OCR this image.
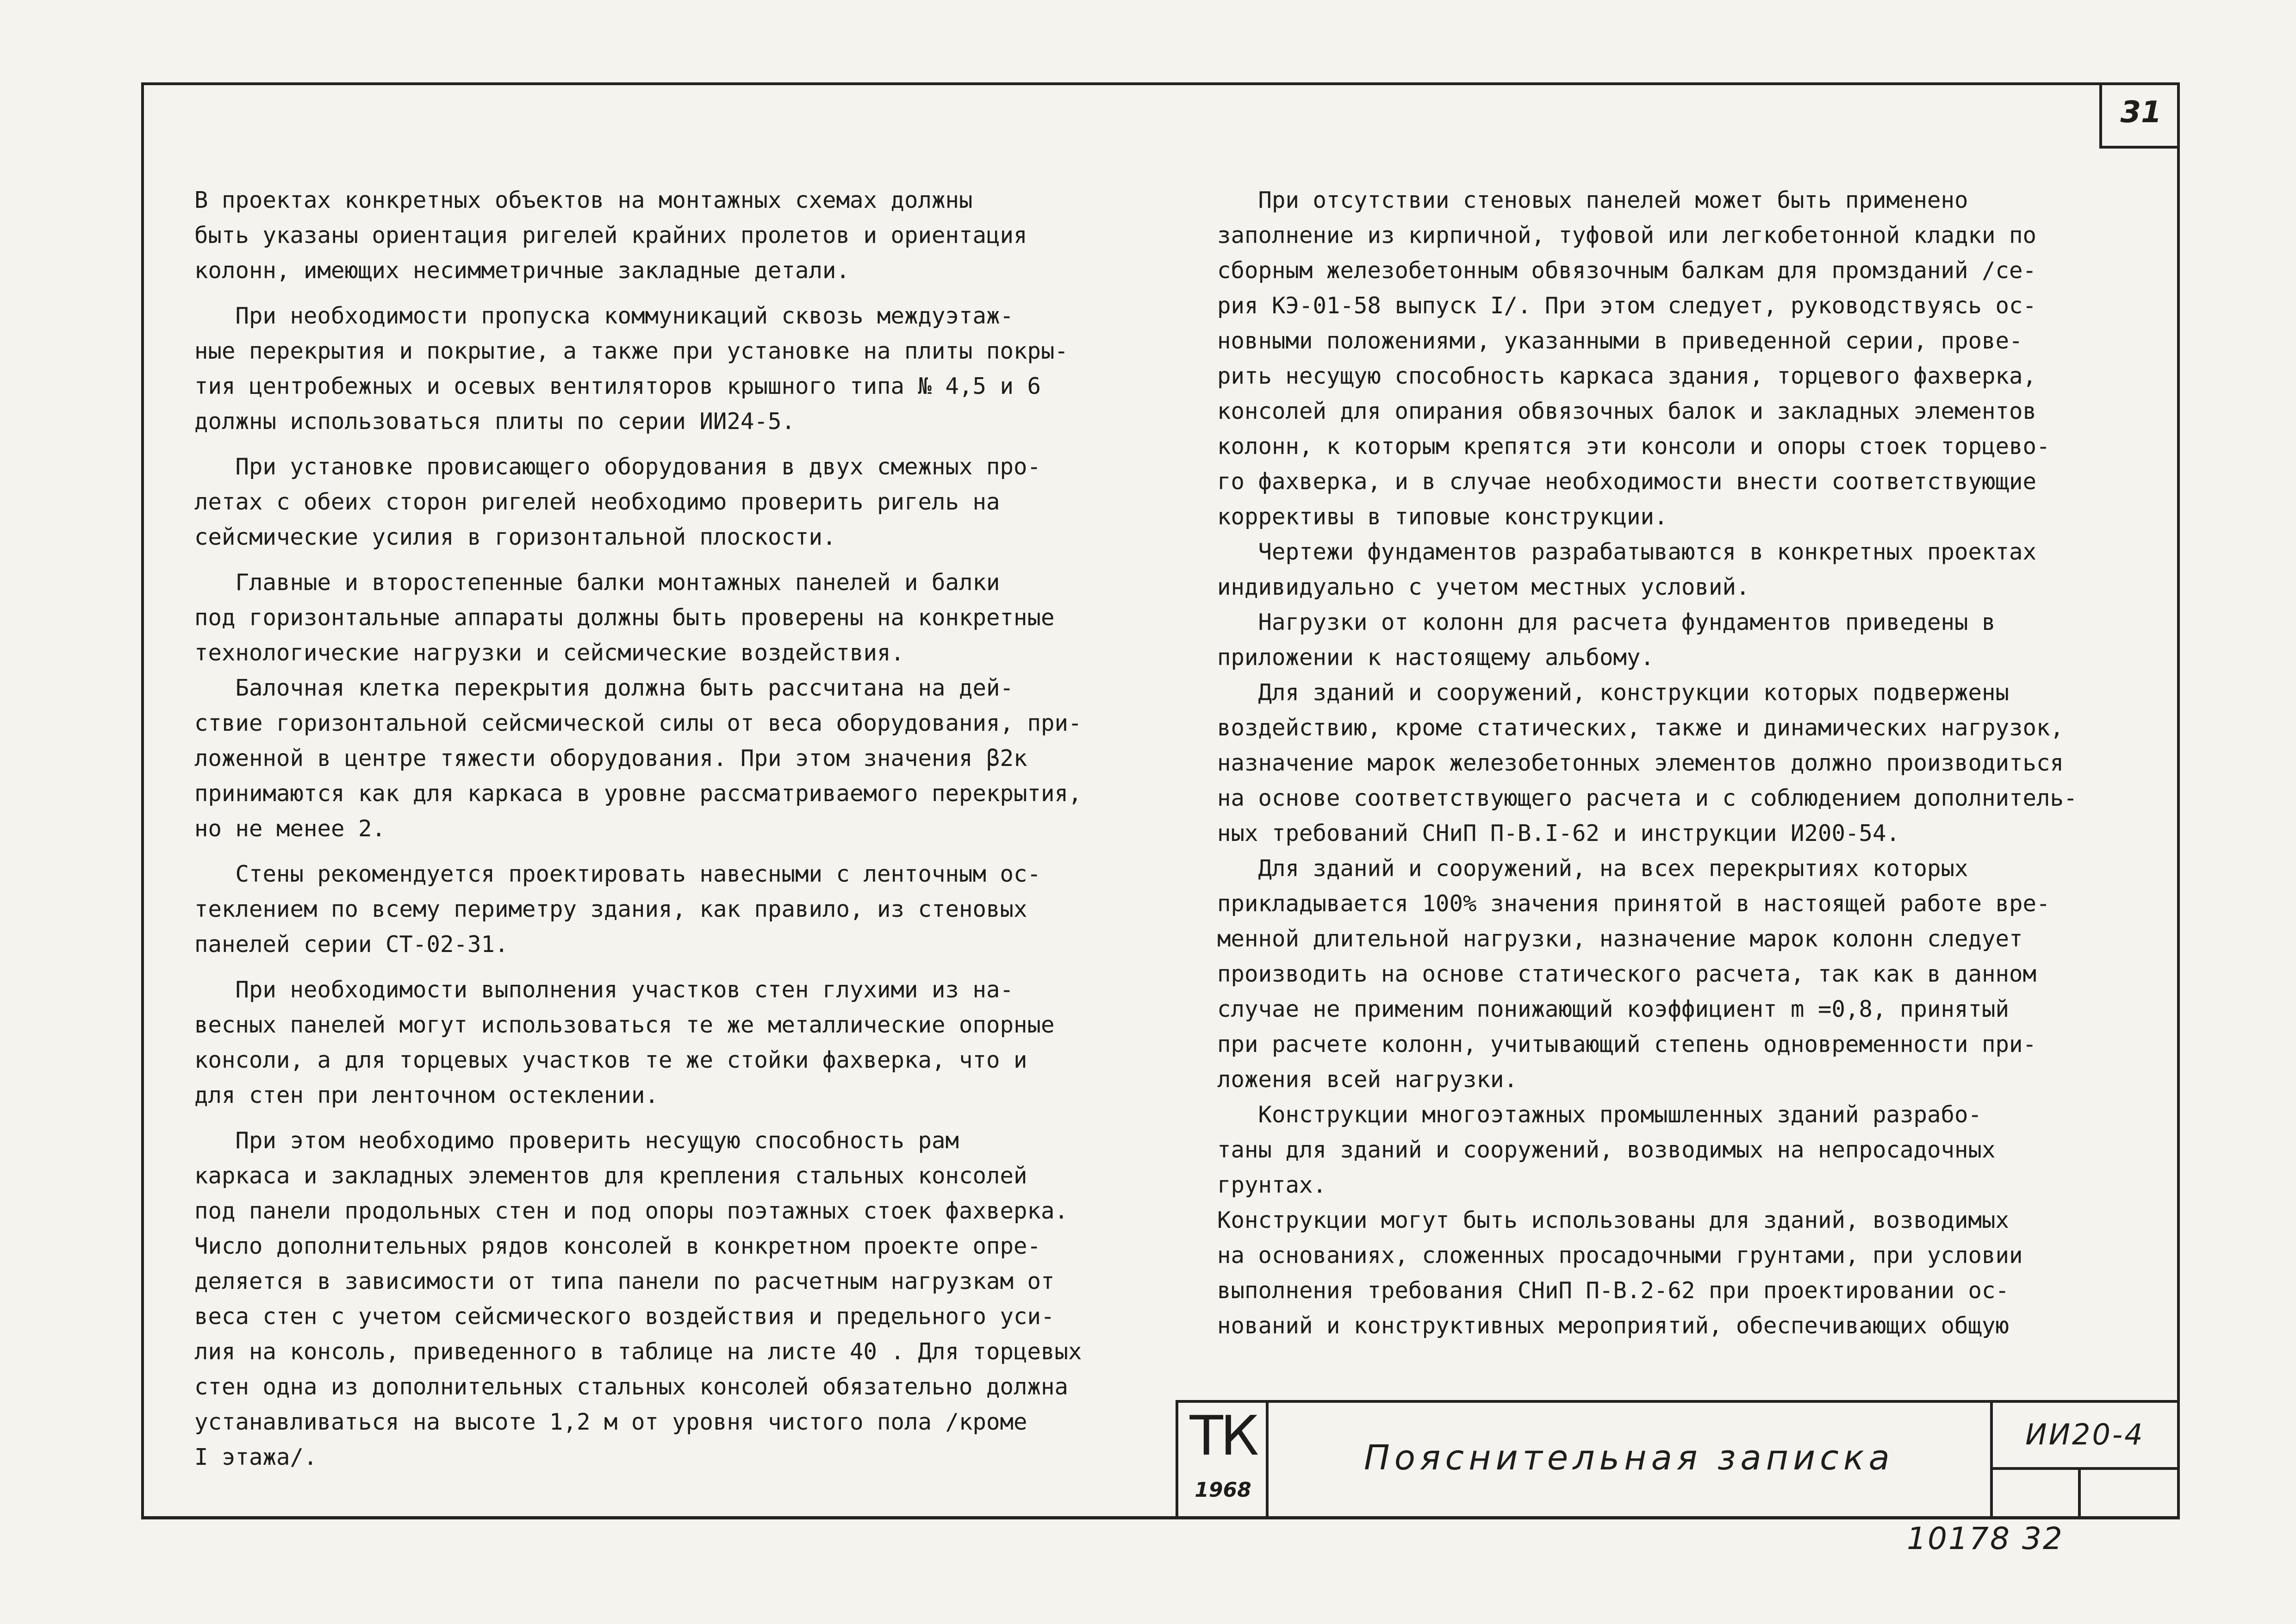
31
В проектах конкретных объектов на монтажных схемах должны
быть указаны ориентация ригелей крайних пролетов и ориентация
колонн, имеющих несимметричные закладные детали.
При необходимости пропуска коммуникаций сквозь междуэтаж-
ные перекрытия и покрытие, а также при установке на плиты покры-
тия центробежных и осевых вентиляторов крышного типа № 4,5 и 6
должны использоваться плиты по серии ИИ24-5.
При установке провисающего оборудования в двух смежных про-
летах с обеих сторон ригелей необходимо проверить ригель на
сейсмические усилия в горизонтальной плоскости.
Главные и второстепенные балки монтажных панелей и балки
под горизонтальные аппараты должны быть проверены на конкретные
технологические нагрузки и сейсмические воздействия.
Балочная клетка перекрытия должна быть рассчитана на дей-
ствие горизонтальной сейсмической силы от веса оборудования, при-
ложенной в центре тяжести оборудования. При этом значения β2к
принимаются как для каркаса в уровне рассматриваемого перекрытия,
но не менее 2.
Стены рекомендуется проектировать навесными с ленточным ос-
теклением по всему периметру здания, как правило, из стеновых
панелей серии СТ-02-31.
При необходимости выполнения участков стен глухими из на-
весных панелей могут использоваться те же металлические опорные
консоли, а для торцевых участков те же стойки фахверка, что и
для стен при ленточном остеклении.
При этом необходимо проверить несущую способность рам
каркаса и закладных элементов для крепления стальных консолей
под панели продольных стен и под опоры поэтажных стоек фахверка.
Число дополнительных рядов консолей в конкретном проекте опре-
деляется в зависимости от типа панели по расчетным нагрузкам от
веса стен с учетом сейсмического воздействия и предельного уси-
лия на консоль, приведенного в таблице на листе 40 . Для торцевых
стен одна из дополнительных стальных консолей обязательно должна
устанавливаться на высоте 1,2 м от уровня чистого пола /кроме
I этажа/.
При отсутствии стеновых панелей может быть применено
заполнение из кирпичной, туфовой или легкобетонной кладки по
сборным железобетонным обвязочным балкам для промзданий /се-
рия КЭ-01-58 выпуск I/. При этом следует, руководствуясь ос-
новными положениями, указанными в приведенной серии, прове-
рить несущую способность каркаса здания, торцевого фахверка,
консолей для опирания обвязочных балок и закладных элементов
колонн, к которым крепятся эти консоли и опоры стоек торцево-
го фахверка, и в случае необходимости внести соответствующие
коррективы в типовые конструкции.
Чертежи фундаментов разрабатываются в конкретных проектах
индивидуально с учетом местных условий.
Нагрузки от колонн для расчета фундаментов приведены в
приложении к настоящему альбому.
Для зданий и сооружений, конструкции которых подвержены
воздействию, кроме статических, также и динамических нагрузок,
назначение марок железобетонных элементов должно производиться
на основе соответствующего расчета и с соблюдением дополнитель-
ных требований СНиП П-В.I-62 и инструкции И200-54.
Для зданий и сооружений, на всех перекрытиях которых
прикладывается 100% значения принятой в настоящей работе вре-
менной длительной нагрузки, назначение марок колонн следует
производить на основе статического расчета, так как в данном
случае не применим понижающий коэффициент m =0,8, принятый
при расчете колонн, учитывающий степень одновременности при-
ложения всей нагрузки.
Конструкции многоэтажных промышленных зданий разрабо-
таны для зданий и сооружений, возводимых на непросадочных
грунтах.
Конструкции могут быть использованы для зданий, возводимых
на основаниях, сложенных просадочными грунтами, при условии
выполнения требования СНиП П-В.2-62 при проектировании ос-
нований и конструктивных мероприятий, обеспечивающих общую
ТК
1968
Пояснительная записка
ИИ20-4
10178 32
